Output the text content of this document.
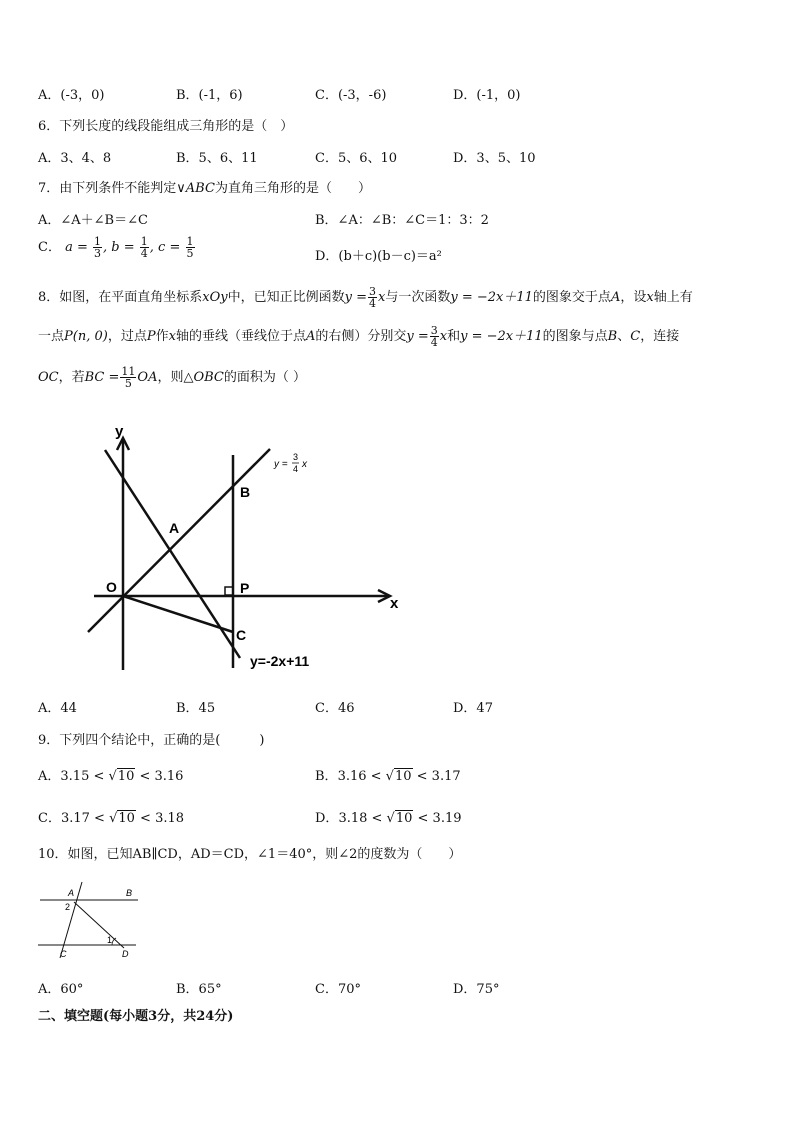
A．(-3，0)	B．(-1，6)	C．(-3，-6)	D．(-1，0)
6．下列长度的线段能组成三角形的是（　）
A．3、4、8	B．5、6、11	C．5、6、10	D．3、5、10
7．由下列条件不能判定∨ABC为直角三角形的是（　　）
A．∠A＋∠B＝∠C	B．∠A：∠B：∠C＝1：3：2
C． $a = \frac{1}{3}$ , $b = \frac{1}{4}$ , $c = \frac{1}{5}$	D．(b＋c)(b－c)＝a²
8．如图，在平面直角坐标系xOy中，已知正比例函数$y = \frac{3}{4}$ x与一次函数y = −2x＋11的图象交于点A，设x轴上有
一点P(n, 0)，过点P作x轴的垂线（垂线位于点A的右侧）分别交$y = \frac{3}{4}$ x和y = −2x＋11的图象与点B、C，连接
OC，若BC = $\frac{11}{5}$ OA，则△OBC的面积为（ ）
y
x
O
A
B
P
C
y =
3
4 x
y=-2x+11
A．44	B．45	C．46	D．47
9．下列四个结论中，正确的是(　　　)
A．3.15 < √10 < 3.16	B．3.16 < √10 < 3.17
C．3.17 < √10 < 3.18	D．3.18 < √10 < 3.19
10．如图，已知AB∥CD，AD＝CD，∠1＝40°，则∠2的度数为（　　）
A	B
C	D
2
1
A．60°	B．65°	C．70°	D．75°
二、填空题(每小题3分，共24分)
